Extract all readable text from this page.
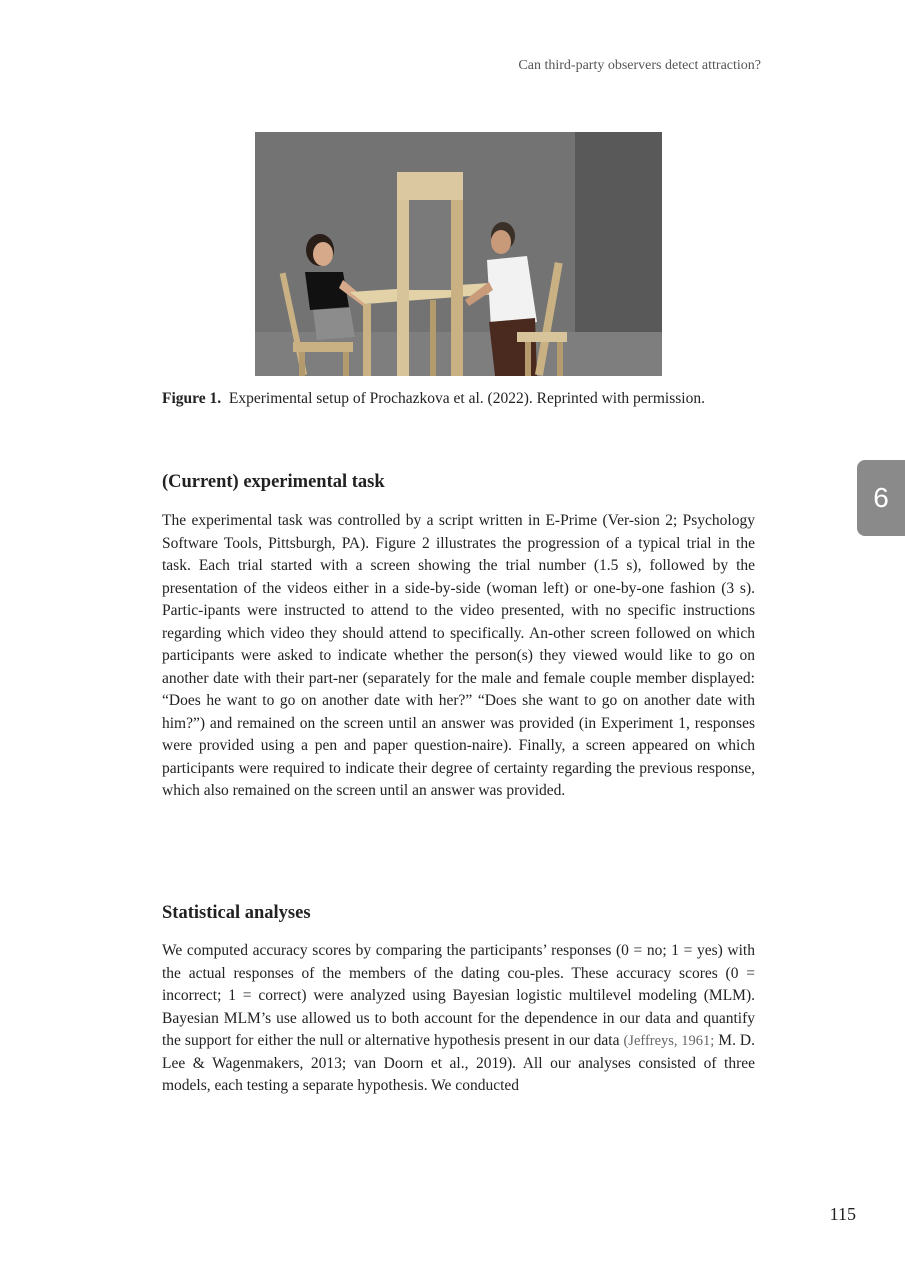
Can third-party observers detect attraction?
Figure 1. Experimental setup of Prochazkova et al. (2022). Reprinted with permission.
(Current) experimental task

The experimental task was controlled by a script written in E-Prime (Ver-sion 2; Psychology Software Tools, Pittsburgh, PA). Figure 2 illustrates the progression of a typical trial in the task. Each trial started with a screen showing the trial number (1.5 s), followed by the presentation of the videos either in a side-by-side (woman left) or one-by-one fashion (3 s). Partic-ipants were instructed to attend to the video presented, with no specific instructions regarding which video they should attend to specifically. An-other screen followed on which participants were asked to indicate whether the person(s) they viewed would like to go on another date with their part-ner (separately for the male and female couple member displayed: “Does he want to go on another date with her?” “Does she want to go on another date with him?”) and remained on the screen until an answer was provided (in Experiment 1, responses were provided using a pen and paper question-naire). Finally, a screen appeared on which participants were required to indicate their degree of certainty regarding the previous response, which also remained on the screen until an answer was provided.

Statistical analyses

We computed accuracy scores by comparing the participants’ responses (0 = no; 1 = yes) with the actual responses of the members of the dating cou-ples. These accuracy scores (0 = incorrect; 1 = correct) were analyzed using Bayesian logistic multilevel modeling (MLM). Bayesian MLM’s use allowed us to both account for the dependence in our data and quantify the support for either the null or alternative hypothesis present in our data (Jeffreys, 1961; M. D. Lee & Wagenmakers, 2013; van Doorn et al., 2019). All our analyses consisted of three models, each testing a separate hypothesis. We conducted

6
115
